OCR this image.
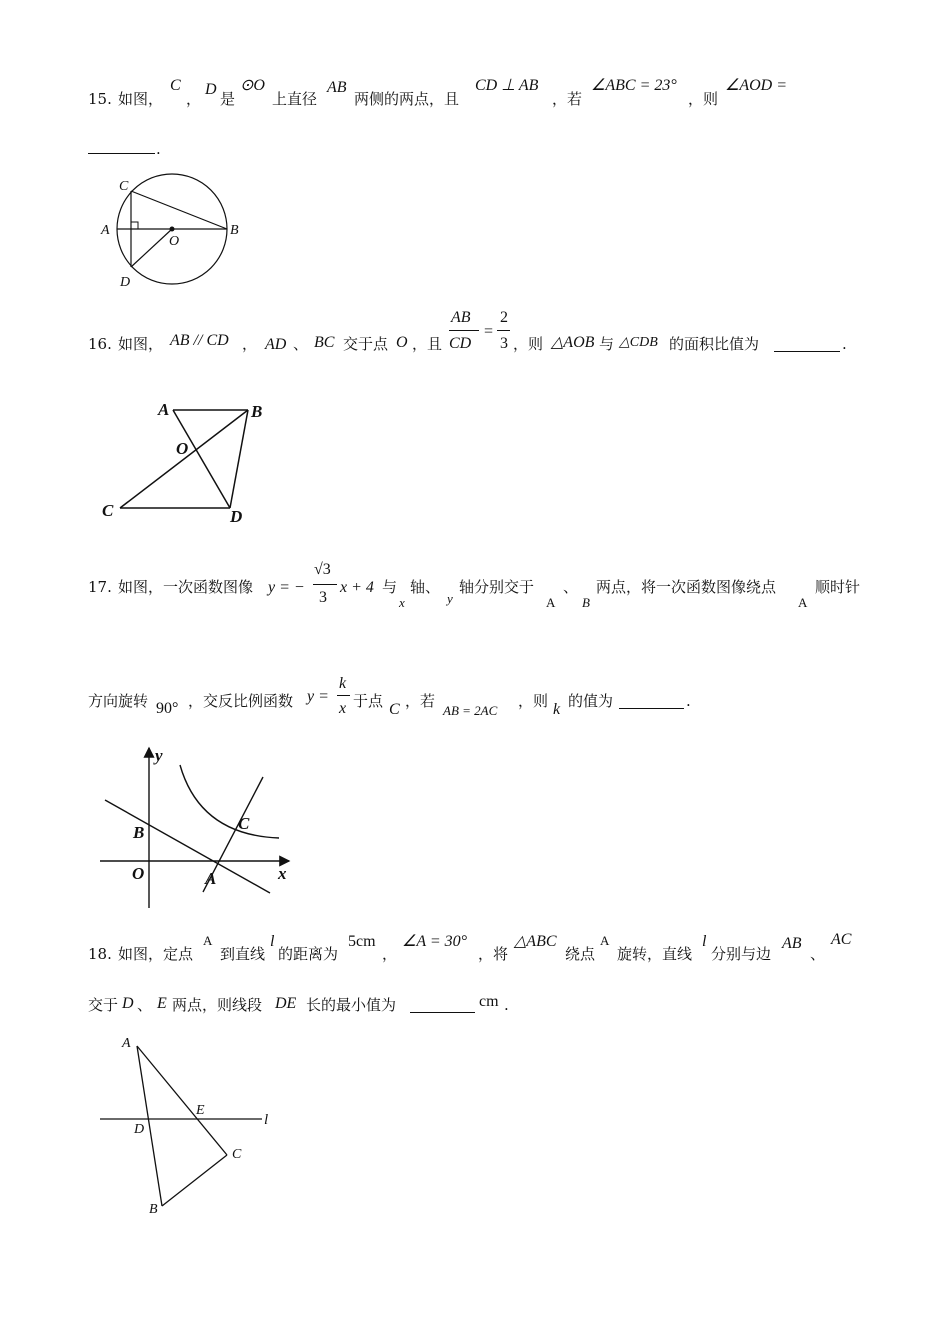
15. 如图，
C
，
D
是
⊙O
上直径
AB
两侧的两点，且
CD ⊥ AB
，若
∠ABC = 23°
，则
∠AOD =
.
C
A	B
D
O
16. 如图， AB // CD ， AD 、 BC 交于点 O ，且
AB
CD
=
2
3 ，则 △AOB 与 △CDB 的面积比值为	.
A	B
O
C	D
17. 如图，一次函数图像 y = −
√3
3
x + 4 与
x
轴、
y
轴分别交于
A
、
B
两点，将一次函数图像绕点
A
顺时针
方向旋转 90° ，交反比例函数 y =
k
x 于点 C ，若
AB = 2AC
，则 k 的值为	.
y
x
B
O	A
C
18. 如图，定点
A
到直线
l
的距离为
5cm
，
∠A = 30°
，将
△ABC
绕点
A
旋转，直线
l
分别与边
AB
、
AC
交于 D 、 E 两点，则线段 DE 长的最小值为	cm .
A
D
E
l
C
B
